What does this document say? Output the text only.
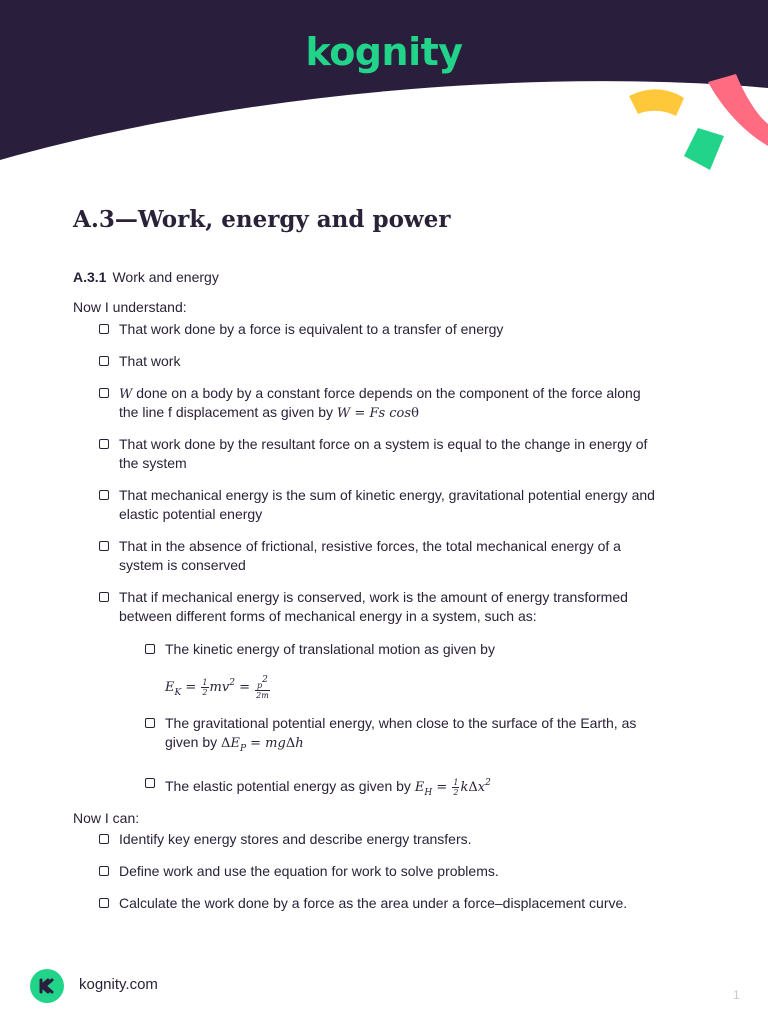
kognity
A.3—Work, energy and power
A.3.1 Work and energy
Now I understand:
That work done by a force is equivalent to a transfer of energy
That work
W done on a body by a constant force depends on the component of the force along
the line f displacement as given by W = Fs cosθ
That work done by the resultant force on a system is equal to the change in energy of
the system
That mechanical energy is the sum of kinetic energy, gravitational potential energy and
elastic potential energy
That in the absence of frictional, resistive forces, the total mechanical energy of a
system is conserved
That if mechanical energy is conserved, work is the amount of energy transformed
between different forms of mechanical energy in a system, such as:
The kinetic energy of translational motion as given by
$E_K = \frac{1}{2} mv^2 = \frac{p^2}{2m}$
The gravitational potential energy, when close to the surface of the Earth, as
given by $\Delta E_P = mg\Delta h$
The elastic potential energy as given by $E_H = \frac{1}{2} k\Delta x^2$
Now I can:
Identify key energy stores and describe energy transfers.
Define work and use the equation for work to solve problems.
Calculate the work done by a force as the area under a force–displacement curve.
kognity.com
1
